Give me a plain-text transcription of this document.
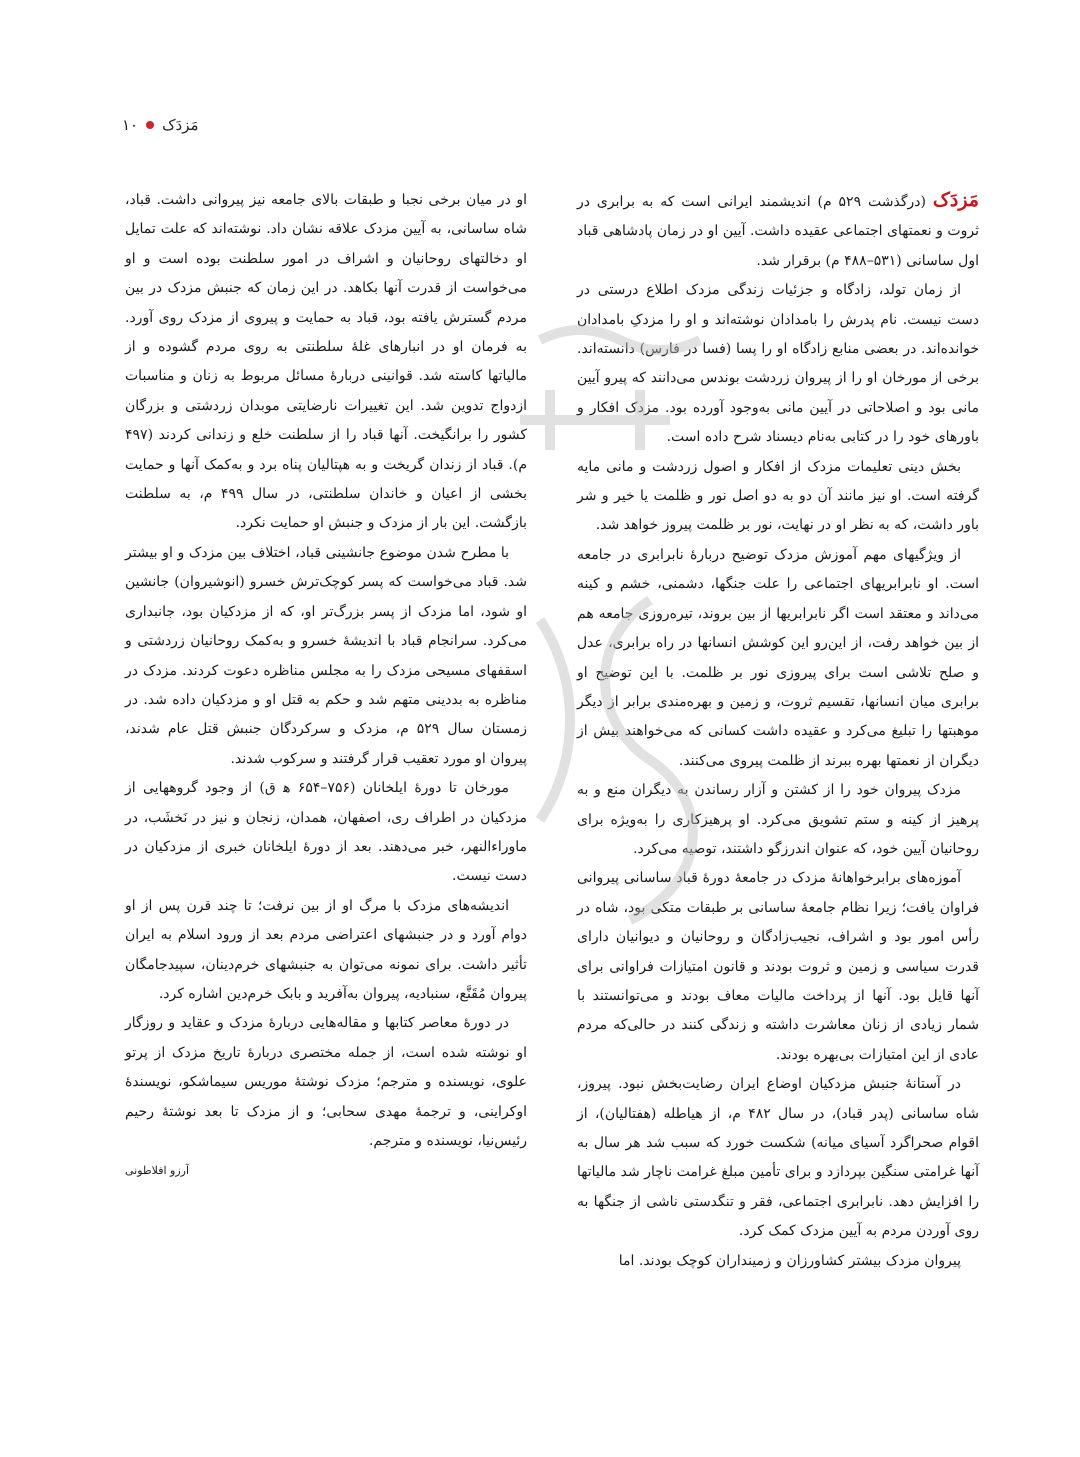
مَزدَک
۱۰

مَزدَک (درگذشت ۵۲۹ م) اندیشمند ایرانی است که به برابری در ثروت و نعمتهای اجتماعی عقیده داشت. آیین او در زمان پادشاهی قباد اول ساسانی (۵۳۱–۴۸۸ م) برقرار شد.

از زمان تولد، زادگاه و جزئیات زندگی مزدک اطلاع درستی در دست نیست. نام پدرش را بامدادان نوشته‌اند و او را مزدکِ بامدادان خوانده‌اند. در بعضی منابع زادگاه او را پسا (فسا در فارس) دانسته‌اند. برخی از مورخان او را از پیروان زردشت بوندس می‌دانند که پیرو آیین مانی بود و اصلاحاتی در آیین مانی به‌وجود آورده بود. مزدک افکار و باورهای خود را در کتابی به‌نام دیسناد شرح داده است.

بخش دینی تعلیمات مزدک از افکار و اصول زردشت و مانی مایه گرفته است. او نیز مانند آن دو به دو اصل نور و ظلمت یا خیر و شر باور داشت، که به نظر او در نهایت، نور بر ظلمت پیروز خواهد شد.

از ویژگیهای مهم آموزش مزدک توضیح دربارهٔ نابرابری در جامعه است. او نابرابریهای اجتماعی را علت جنگها، دشمنی، خشم و کینه می‌داند و معتقد است اگر نابرابریها از بین بروند، تیره‌روزی جامعه هم از بین خواهد رفت، از این‌رو این کوشش انسانها در راه برابری، عدل و صلح تلاشی است برای پیروزی نور بر ظلمت. با این توضیح او برابری میان انسانها، تقسیم ثروت، و زمین و بهره‌مندی برابر از دیگر موهبتها را تبلیغ می‌کرد و عقیده داشت کسانی که می‌خواهند بیش از دیگران از نعمتها بهره ببرند از ظلمت پیروی می‌کنند.

مزدک پیروان خود را از کشتن و آزار رساندن به دیگران منع و به پرهیز از کینه و ستم تشویق می‌کرد. او پرهیزکاری را به‌ویژه برای روحانیان آیین خود، که عنوان اندرزگو داشتند، توصیه می‌کرد.

آموزه‌های برابرخواهانهٔ مزدک در جامعهٔ دورهٔ قباد ساسانی پیروانی فراوان یافت؛ زیرا نظام جامعهٔ ساسانی بر طبقات متکی بود، شاه در رأس امور بود و اشراف، نجیب‌زادگان و روحانیان و دیوانیان دارای قدرت سیاسی و زمین و ثروت بودند و قانون امتیازات فراوانی برای آنها قایل بود. آنها از پرداخت مالیات معاف بودند و می‌توانستند با شمار زیادی از زنان معاشرت داشته و زندگی کنند در حالی‌که مردم عادی از این امتیازات بی‌بهره بودند.

در آستانهٔ جنبش مزدکیان اوضاع ایران رضایت‌بخش نبود. پیروز، شاه ساسانی (پدر قباد)، در سال ۴۸۲ م، از هیاطله (هفتالیان)، از اقوام صحراگرد آسیای میانه) شکست خورد که سبب شد هر سال به آنها غرامتی سنگین بپردازد و برای تأمین مبلغ غرامت ناچار شد مالیاتها را افزایش دهد. نابرابری اجتماعی، فقر و تنگدستی ناشی از جنگها به روی آوردن مردم به آیین مزدک کمک کرد.

پیروان مزدک بیشتر کشاورزان و زمینداران کوچک بودند. اما

او در میان برخی نجبا و طبقات بالای جامعه نیز پیروانی داشت. قباد، شاه ساسانی، به آیین مزدک علاقه نشان داد. نوشته‌اند که علت تمایل او دخالتهای روحانیان و اشراف در امور سلطنت بوده است و او می‌خواست از قدرت آنها بکاهد. در این زمان که جنبش مزدک در بین مردم گسترش یافته بود، قباد به حمایت و پیروی از مزدک روی آورد. به فرمان او در انبارهای غلهٔ سلطنتی به روی مردم گشوده و از مالیاتها کاسته شد. قوانینی دربارهٔ مسائل مربوط به زنان و مناسبات ازدواج تدوین شد. این تغییرات نارضایتی موبدان زردشتی و بزرگان کشور را برانگیخت. آنها قباد را از سلطنت خلع و زندانی کردند (۴۹۷ م). قباد از زندان گریخت و به هپتالیان پناه برد و به‌کمک آنها و حمایت بخشی از اعیان و خاندان سلطنتی، در سال ۴۹۹ م، به سلطنت بازگشت. این بار از مزدک و جنبش او حمایت نکرد.

با مطرح شدن موضوع جانشینی قباد، اختلاف بین مزدک و او بیشتر شد. قباد می‌خواست که پسر کوچک‌ترش خسرو (انوشیروان) جانشین او شود، اما مزدک از پسر بزرگ‌تر او، که از مزدکیان بود، جانبداری می‌کرد. سرانجام قباد با اندیشهٔ خسرو و به‌کمک روحانیان زردشتی و اسقفهای مسیحی مزدک را به مجلس مناظره دعوت کردند. مزدک در مناظره به بددینی متهم شد و حکم به قتل او و مزدکیان داده شد. در زمستان سال ۵۲۹ م، مزدک و سرکردگان جنبش قتل عام شدند، پیروان او مورد تعقیب قرار گرفتند و سرکوب شدند.

مورخان تا دورهٔ ایلخانان (۷۵۶–۶۵۴ ه‍ ق) از وجود گروههایی از مزدکیان در اطراف ری، اصفهان، همدان، زنجان و نیز در نَخشَب، در ماوراءالنهر، خبر می‌دهند. بعد از دورهٔ ایلخانان خبری از مزدکیان در دست نیست.

اندیشه‌های مزدک با مرگ او از بین نرفت؛ تا چند قرن پس از او دوام آورد و در جنبشهای اعتراضی مردم بعد از ورود اسلام به ایران تأثیر داشت. برای نمونه می‌توان به جنبشهای خرم‌دینان، سپیدجامگان پیروان مُقَنَّع، سنبادیه، پیروان به‌آفرید و بابک خرم‌دین اشاره کرد.

در دورهٔ معاصر کتابها و مقاله‌هایی دربارهٔ مزدک و عقاید و روزگار او نوشته شده است، از جمله مختصری دربارهٔ تاریخ مزدک از پرتو علوی، نویسنده و مترجم؛ مزدک نوشتهٔ موریس سیماشکو، نویسندهٔ اوکراینی، و ترجمهٔ مهدی سحابی؛ و از مزدک تا بعد نوشتهٔ رحیم رئیس‌نیا، نویسنده و مترجم.

آرزو افلاطونی
